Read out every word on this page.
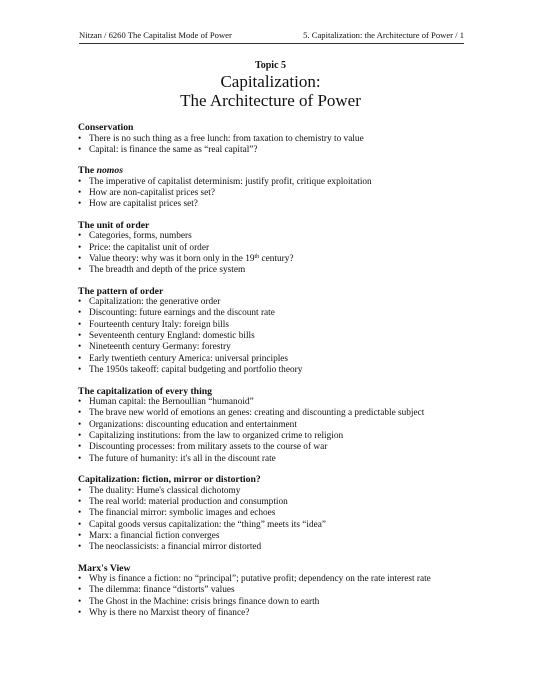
Nitzan / 6260 The Capitalist Mode of Power	5. Capitalization: the Architecture of Power / 1
Topic 5
Capitalization:
The Architecture of Power
Conservation
• There is no such thing as a free lunch: from taxation to chemistry to value
• Capital: is finance the same as “real capital”?
The nomos
• The imperative of capitalist determinism: justify profit, critique exploitation
• How are non-capitalist prices set?
• How are capitalist prices set?
The unit of order
• Categories, forms, numbers
• Price: the capitalist unit of order
• Value theory: why was it born only in the 19th century?
• The breadth and depth of the price system
The pattern of order
• Capitalization: the generative order
• Discounting: future earnings and the discount rate
• Fourteenth century Italy: foreign bills
• Seventeenth century England: domestic bills
• Nineteenth century Germany: forestry
• Early twentieth century America: universal principles
• The 1950s takeoff: capital budgeting and portfolio theory
The capitalization of every thing
• Human capital: the Bernoullian “humanoid”
• The brave new world of emotions an genes: creating and discounting a predictable subject
• Organizations: discounting education and entertainment
• Capitalizing institutions: from the law to organized crime to religion
• Discounting processes: from military assets to the course of war
• The future of humanity: it's all in the discount rate
Capitalization: fiction, mirror or distortion?
• The duality: Hume's classical dichotomy
• The real world: material production and consumption
• The financial mirror: symbolic images and echoes
• Capital goods versus capitalization: the “thing” meets its “idea”
• Marx: a financial fiction converges
• The neoclassicists: a financial mirror distorted
Marx's View
• Why is finance a fiction: no “principal”; putative profit; dependency on the rate interest rate
• The dilemma: finance “distorts” values
• The Ghost in the Machine: crisis brings finance down to earth
• Why is there no Marxist theory of finance?
